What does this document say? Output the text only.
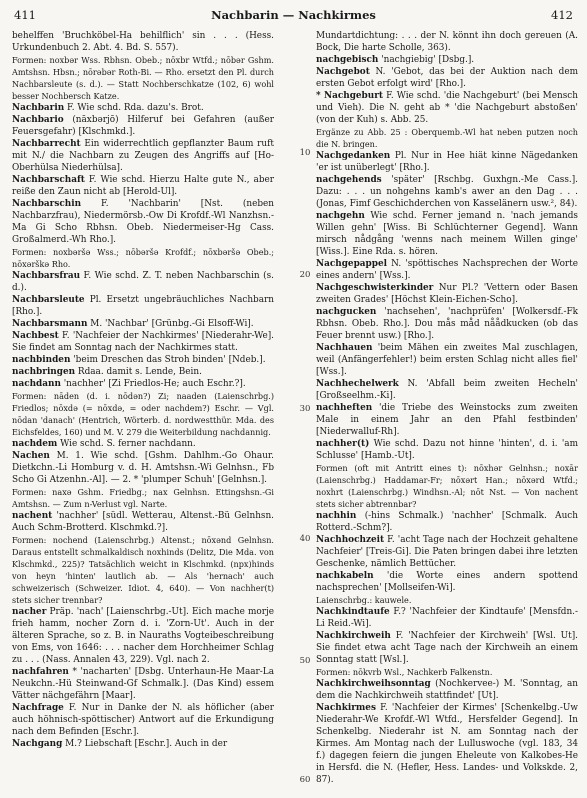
411	Nachbarin — Nachkirmes	412

behelffen 'Bruchköbel-Ha behilflich' sin . . . (Hess. Urkundenbuch 2. Abt. 4. Bd. S. 557).

Formen: noxbər Wss. Rbhsn. Obeb.; nōxbr Wtfd.; nōbər Gshm. Amtshsn. Hbsn.; nōrəbər Roth-Bi. — Rho. ersetzt den Pl. durch Nachbarsleute (s. d.). — Statt Nochberschkatze (102, 6) wohl besser Nochbersch Katze.

Nachbarin F. Wie schd. Rda. dazu's. Brot.

Nachbario (nāxbərjō) Hilferuf bei Gefahren (außer Feuersgefahr) [Klschmkd.].

Nachbarrecht Ein widerrechtlich gepflanzter Baum ruft mit N./ die Nachbarn zu Zeugen des Angriffs auf [Ho-Oberhülsa Niederhülsa].

Nachbarschaft F. Wie schd. Hierzu Halte gute N., aber reiße den Zaun nicht ab [Herold-Ul].

Nachbarschin F. 'Nachbarin' [Nst. (neben Nachbarzfrau), Niedermörsb.-Ow Di Krofdf.-Wl Nanzhsn.-Ma Gi Scho Rbhsn. Obeb. Niedermeiser-Hg Cass. Großalmerd.-Wh Rho.].

Formen: noxbəršə Wss.; nōbəršə Krofdf.; nōxbəršə Obeb.; nōxərškə Rho.

Nachbarsfrau F. Wie schd. Z. T. neben Nachbarschin (s. d.).

Nachbarsleute Pl. Ersetzt ungebräuchliches Nachbarn [Rho.].

Nachbarsmann M. 'Nachbar' [Grünbg.-Gi Elsoff-Wi].

Nachbest F. 'Nachfeier der Nachkirmes' [Niederahr-We]. Sie findet am Sonntag nach der Nachkirmes statt.

nachbinden 'beim Dreschen das Stroh binden' [Ndeb.].

nachbringen Rdaa. damit s. Lende, Bein.

nachdann 'nachher' [Zi Friedlos-He; auch Eschr.?].

Formen: nāden (d. i. nōdən?) Zi; naaden (Laienschrbg.) Friedlos; nōxdə (= nōxdə, = oder nachdem?) Eschr. — Vgl. nōdan 'danach' (Hentrich, Wörterb. d. nordwestthür. Mda. des Eichsfeldes, 160) und M. V. 279 die Weiterbildung nachdannig.

nachdem Wie schd. S. ferner nachdann.

Nachen M. 1. Wie schd. [Gshm. Dahlhm.-Go Ohaur. Dietkchn.-Li Homburg v. d. H. Amtshsn.-Wi Gelnhsn., Fb Scho Gi Atzenhn.-Al]. — 2. * 'plumper Schuh' [Gelnhsn.].

Formen: naxə Gshm. Friedbg.; nax Gelnhsn. Ettingshsn.-Gi Amtshsn. — Zum n-Verlust vgl. Narte.

nachent 'nachher' [südl. Wetterau, Altenst.-Bü Gelnhsn. Auch Schm-Brotterd. Klschmkd.?].

Formen: nochend (Laienschrbg.) Altenst.; nōxənd Gelnhsn. Daraus entstellt schmalkaldisch noxhinds (Delitz, Die Mda. von Klschmkd., 225)? Tatsächlich weicht in Klschmkd. (npx)hinds von heyn 'hinten' lautlich ab. — Als 'hernach' auch schweizerisch (Schweizer. Idiot. 4, 640). — Von nachher(t) stets sicher trennbar?

nacher Präp. 'nach' [Laienschrbg.-Ut]. Eich mache morje frieh hamm, nocher Zorn d. i. 'Zorn-Ut'. Auch in der älteren Sprache, so z. B. in Nauraths Vogteibeschreibung von Ems, von 1646: . . . nacher dem Horchheimer Schlag zu . . . (Nass. Annalen 43, 229). Vgl. nach 2.

nachfahren * 'nacharten' [Dsbg. Unterhaun-He Maar-La Neukchn.-Hü Steinwand-Gf Schmalk.]. (Das Kind) essem Vätter nächgefährn [Maar].

Nachfrage F. Nur in Danke der N. als höflicher (aber auch höhnisch-spöttischer) Antwort auf die Erkundigung nach dem Befinden [Eschr.].

Nachgang M.? Liebschaft [Eschr.]. Auch in der

10
20
30
40
50
60

Mundartdichtung: . . . der N. könnt ihn doch gereuen (A. Bock, Die harte Scholle, 363).

nachgebisch 'nachgiebig' [Dsbg.].

Nachgebot N. 'Gebot, das bei der Auktion nach dem ersten Gebot erfolgt wird' [Rho.].

* Nachgeburt F. Wie schd. 'die Nachgeburt' (bei Mensch und Vieh). Die N. geht ab * 'die Nachgeburt abstoßen' (von der Kuh) s. Abb. 25.

Ergänze zu Abb. 25 : Oberquemb.-Wl hat neben putzen noch die N. bringen.

Nachgedanken Pl. Nur in Hee hiät kinne Nägedanken 'er ist unüberlegt' [Rho.].

nachgehends 'später' [Rschbg. Guxhgn.-Me Cass.]. Dazu: . . . un nohgehns kamb's awer an den Dag . . . (Jonas, Fimf Geschichderchen von Kasselänern usw.², 84).

nachgehn Wie schd. Ferner jemand n. 'nach jemands Willen gehn' [Wiss. Bi Schlüchterner Gegend]. Wann mirsch nådgång 'wenns nach meinem Willen ginge' [Wiss.]. Eine Rda. s. hören.

Nachgepappel N. 'spöttisches Nachsprechen der Worte eines andern' [Wss.].

Nachgeschwisterkinder Nur Pl.? 'Vettern oder Basen zweiten Grades' [Höchst Klein-Eichen-Scho].

nachgucken 'nachsehen', 'nachprüfen' [Wolkersdf.-Fk Rbhsn. Obeb. Rho.]. Dou mås måd nåådkucken (ob das Feuer brennt usw.) [Rho.].

Nachhauen 'beim Mähen ein zweites Mal zuschlagen, weil (Anfängerfehler!) beim ersten Schlag nicht alles fiel' [Wss.].

Nachhechelwerk N. 'Abfall beim zweiten Hecheln' [Großseelhm.-Ki].

nachheften 'die Triebe des Weinstocks zum zweiten Male in einem Jahr an den Pfahl festbinden' [Niederwalluf-Rh].

nachher(t) Wie schd. Dazu not hinne 'hinten', d. i. 'am Schlusse' [Hamb.-Ut].

Formen (oft mit Antritt eines t): nōxhər Gelnhsn.; noxār (Laienschrbg.) Haddamar-Fr; nōxərt Han.; nōxərd Wtfd.; noxhrt (Laienschrbg.) Windhsn.-Al; nōt Nst. — Von nachent stets sicher abtrennbar?

nachhin (-hins Schmalk.) 'nachher' [Schmalk. Auch Rotterd.-Schm?].

Nachhochzeit F. 'acht Tage nach der Hochzeit gehaltene Nachfeier' [Treis-Gi]. Die Paten bringen dabei ihre letzten Geschenke, nämlich Bettücher.

nachkabeln 'die Worte eines andern spottend nachsprechen' [Mollseifen-Wi].

Laienschrbg.: kauwele.

Nachkindtaufe F.? 'Nachfeier der Kindtaufe' [Mensfdn.-Li Reid.-Wi].

Nachkirchweih F. 'Nachfeier der Kirchweih' [Wsl. Ut]. Sie findet etwa acht Tage nach der Kirchweih an einem Sonntag statt [Wsl.].

Formen: nōkvrb Wsl., Nachkerb Falkenstn.

Nachkirchweihsonntag (Nochkervee-) M. 'Sonntag, an dem die Nachkirchweih stattfindet' [Ut].

Nachkirmes F. 'Nachfeier der Kirmes' [Schenkelbg.-Uw Niederahr-We Krofdf.-Wl Wtfd., Hersfelder Gegend]. In Schenkelbg. Niederahr ist N. am Sonntag nach der Kirmes. Am Montag nach der Lulluswoche (vgl. 183, 34 f.) dagegen feiern die jungen Eheleute von Kalkobes-He in Hersfd. die N. (Hefler, Hess. Landes- und Volkskde. 2, 87).
